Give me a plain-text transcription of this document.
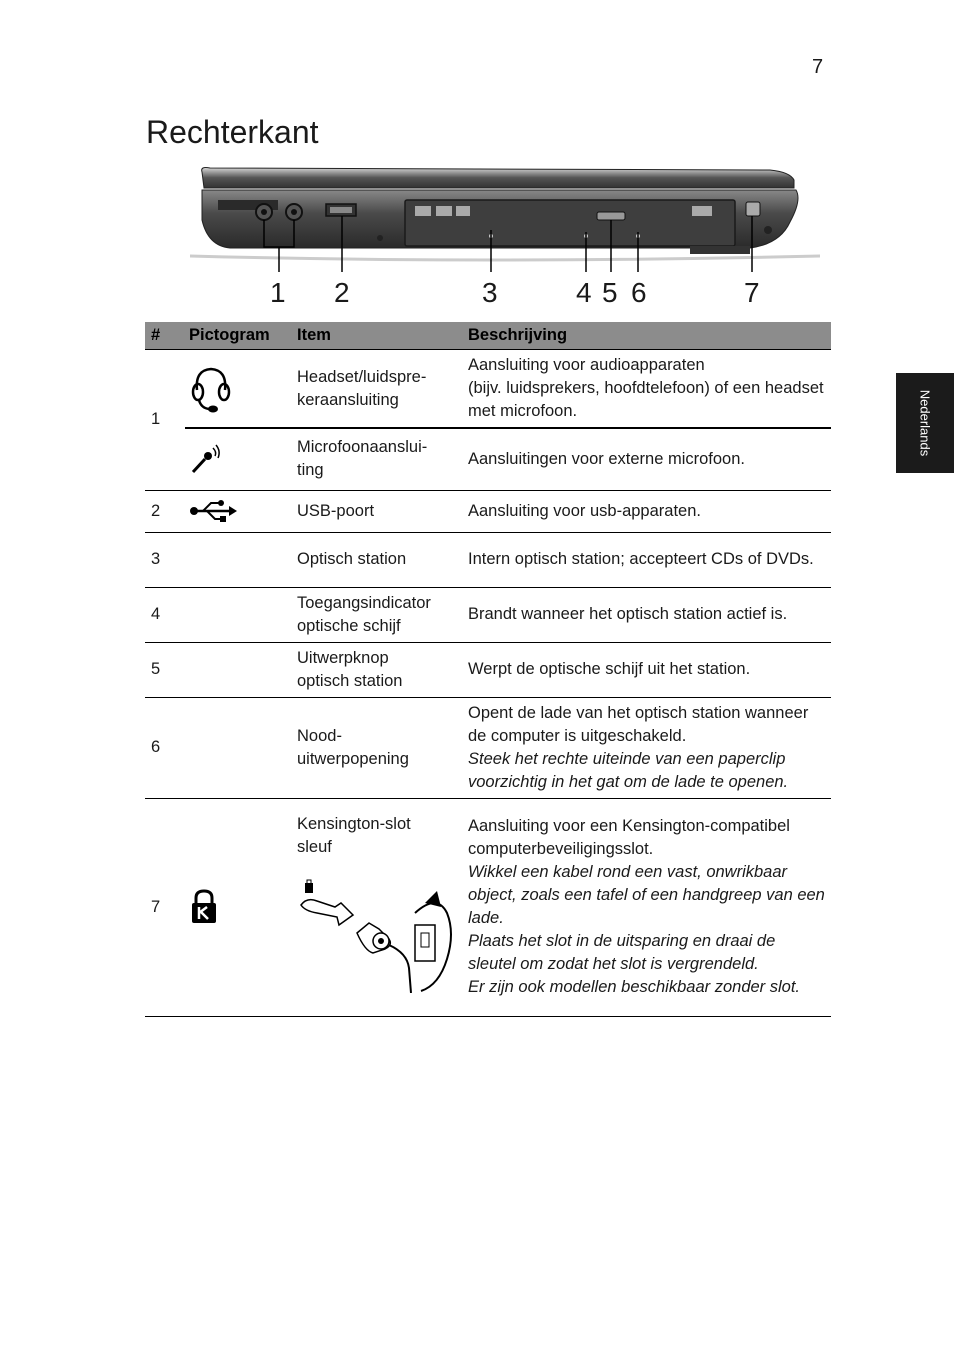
7
Rechterkant
Nederlands
1 2	3	4 5 6	7
#	Pictogram	Item	Beschrijving
1		Headset/luidspre-
keraansluiting	Aansluiting voor audioapparaten
(bijv. luidsprekers, hoofdtelefoon) of een headset met microfoon.

	Microfoonaanslui-
ting	Aansluitingen voor externe microfoon.
2		USB-poort	Aansluiting voor usb-apparaten.
3		Optisch station	Intern optisch station; accepteert CDs of DVDs.
4		Toegangsindicator optische schijf	Brandt wanneer het optisch station actief is.
5		Uitwerpknop
optisch station	Werpt de optische schijf uit het station.
6		Nood-
uitwerpopening	Opent de lade van het optisch station wanneer de computer is uitgeschakeld.
Steek het rechte uiteinde van een paperclip voorzichtig in het gat om de lade te openen.

7		Kensington-slot
sleuf	Aansluiting voor een Kensington-compatibel computerbeveiligingsslot.
Wikkel een kabel rond een vast, onwrikbaar object, zoals een tafel of een handgreep van een lade.
Plaats het slot in de uitsparing en draai de sleutel om zodat het slot is vergrendeld.
Er zijn ook modellen beschikbaar zonder slot.
